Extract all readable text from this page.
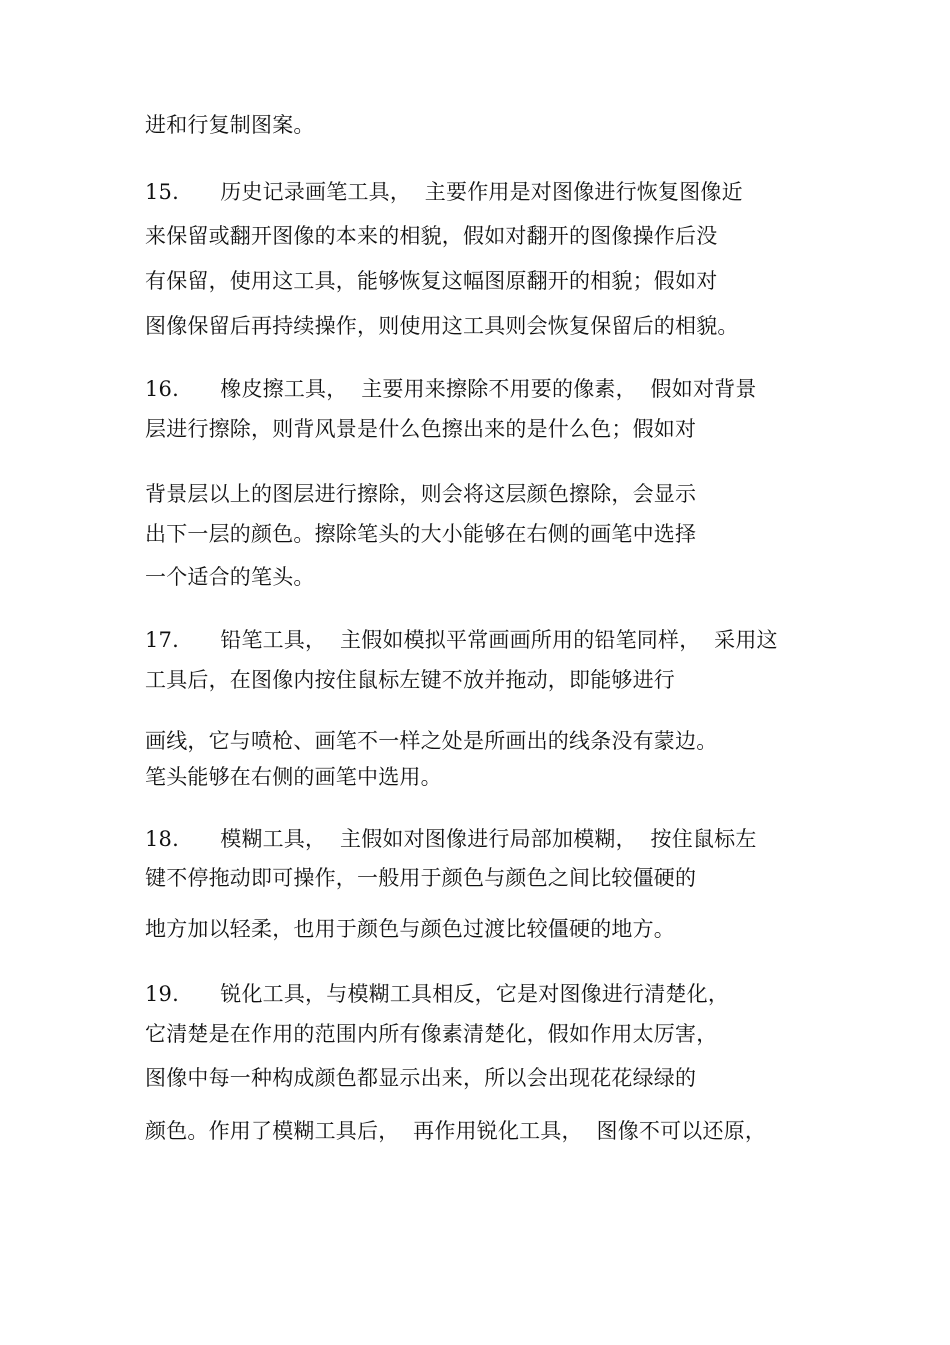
进和行复制图案。
15.      历史记录画笔工具，  主要作用是对图像进行恢复图像近
来保留或翻开图像的本来的相貌，假如对翻开的图像操作后没
有保留，使用这工具，能够恢复这幅图原翻开的相貌；假如对
图像保留后再持续操作，则使用这工具则会恢复保留后的相貌。
16.      橡皮擦工具，  主要用来擦除不用要的像素，  假如对背景
层进行擦除，则背风景是什么色擦出来的是什么色；假如对
背景层以上的图层进行擦除，则会将这层颜色擦除，会显示
出下一层的颜色。擦除笔头的大小能够在右侧的画笔中选择
一个适合的笔头。
17.      铅笔工具，  主假如模拟平常画画所用的铅笔同样，  采用这
工具后，在图像内按住鼠标左键不放并拖动，即能够进行
画线，它与喷枪、画笔不一样之处是所画出的线条没有蒙边。
笔头能够在右侧的画笔中选用。
18.      模糊工具，  主假如对图像进行局部加模糊，  按住鼠标左
键不停拖动即可操作，一般用于颜色与颜色之间比较僵硬的
地方加以轻柔，也用于颜色与颜色过渡比较僵硬的地方。
19.      锐化工具，与模糊工具相反，它是对图像进行清楚化，
它清楚是在作用的范围内所有像素清楚化，假如作用太厉害，
图像中每一种构成颜色都显示出来，所以会出现花花绿绿的
颜色。作用了模糊工具后，  再作用锐化工具，  图像不可以还原，
